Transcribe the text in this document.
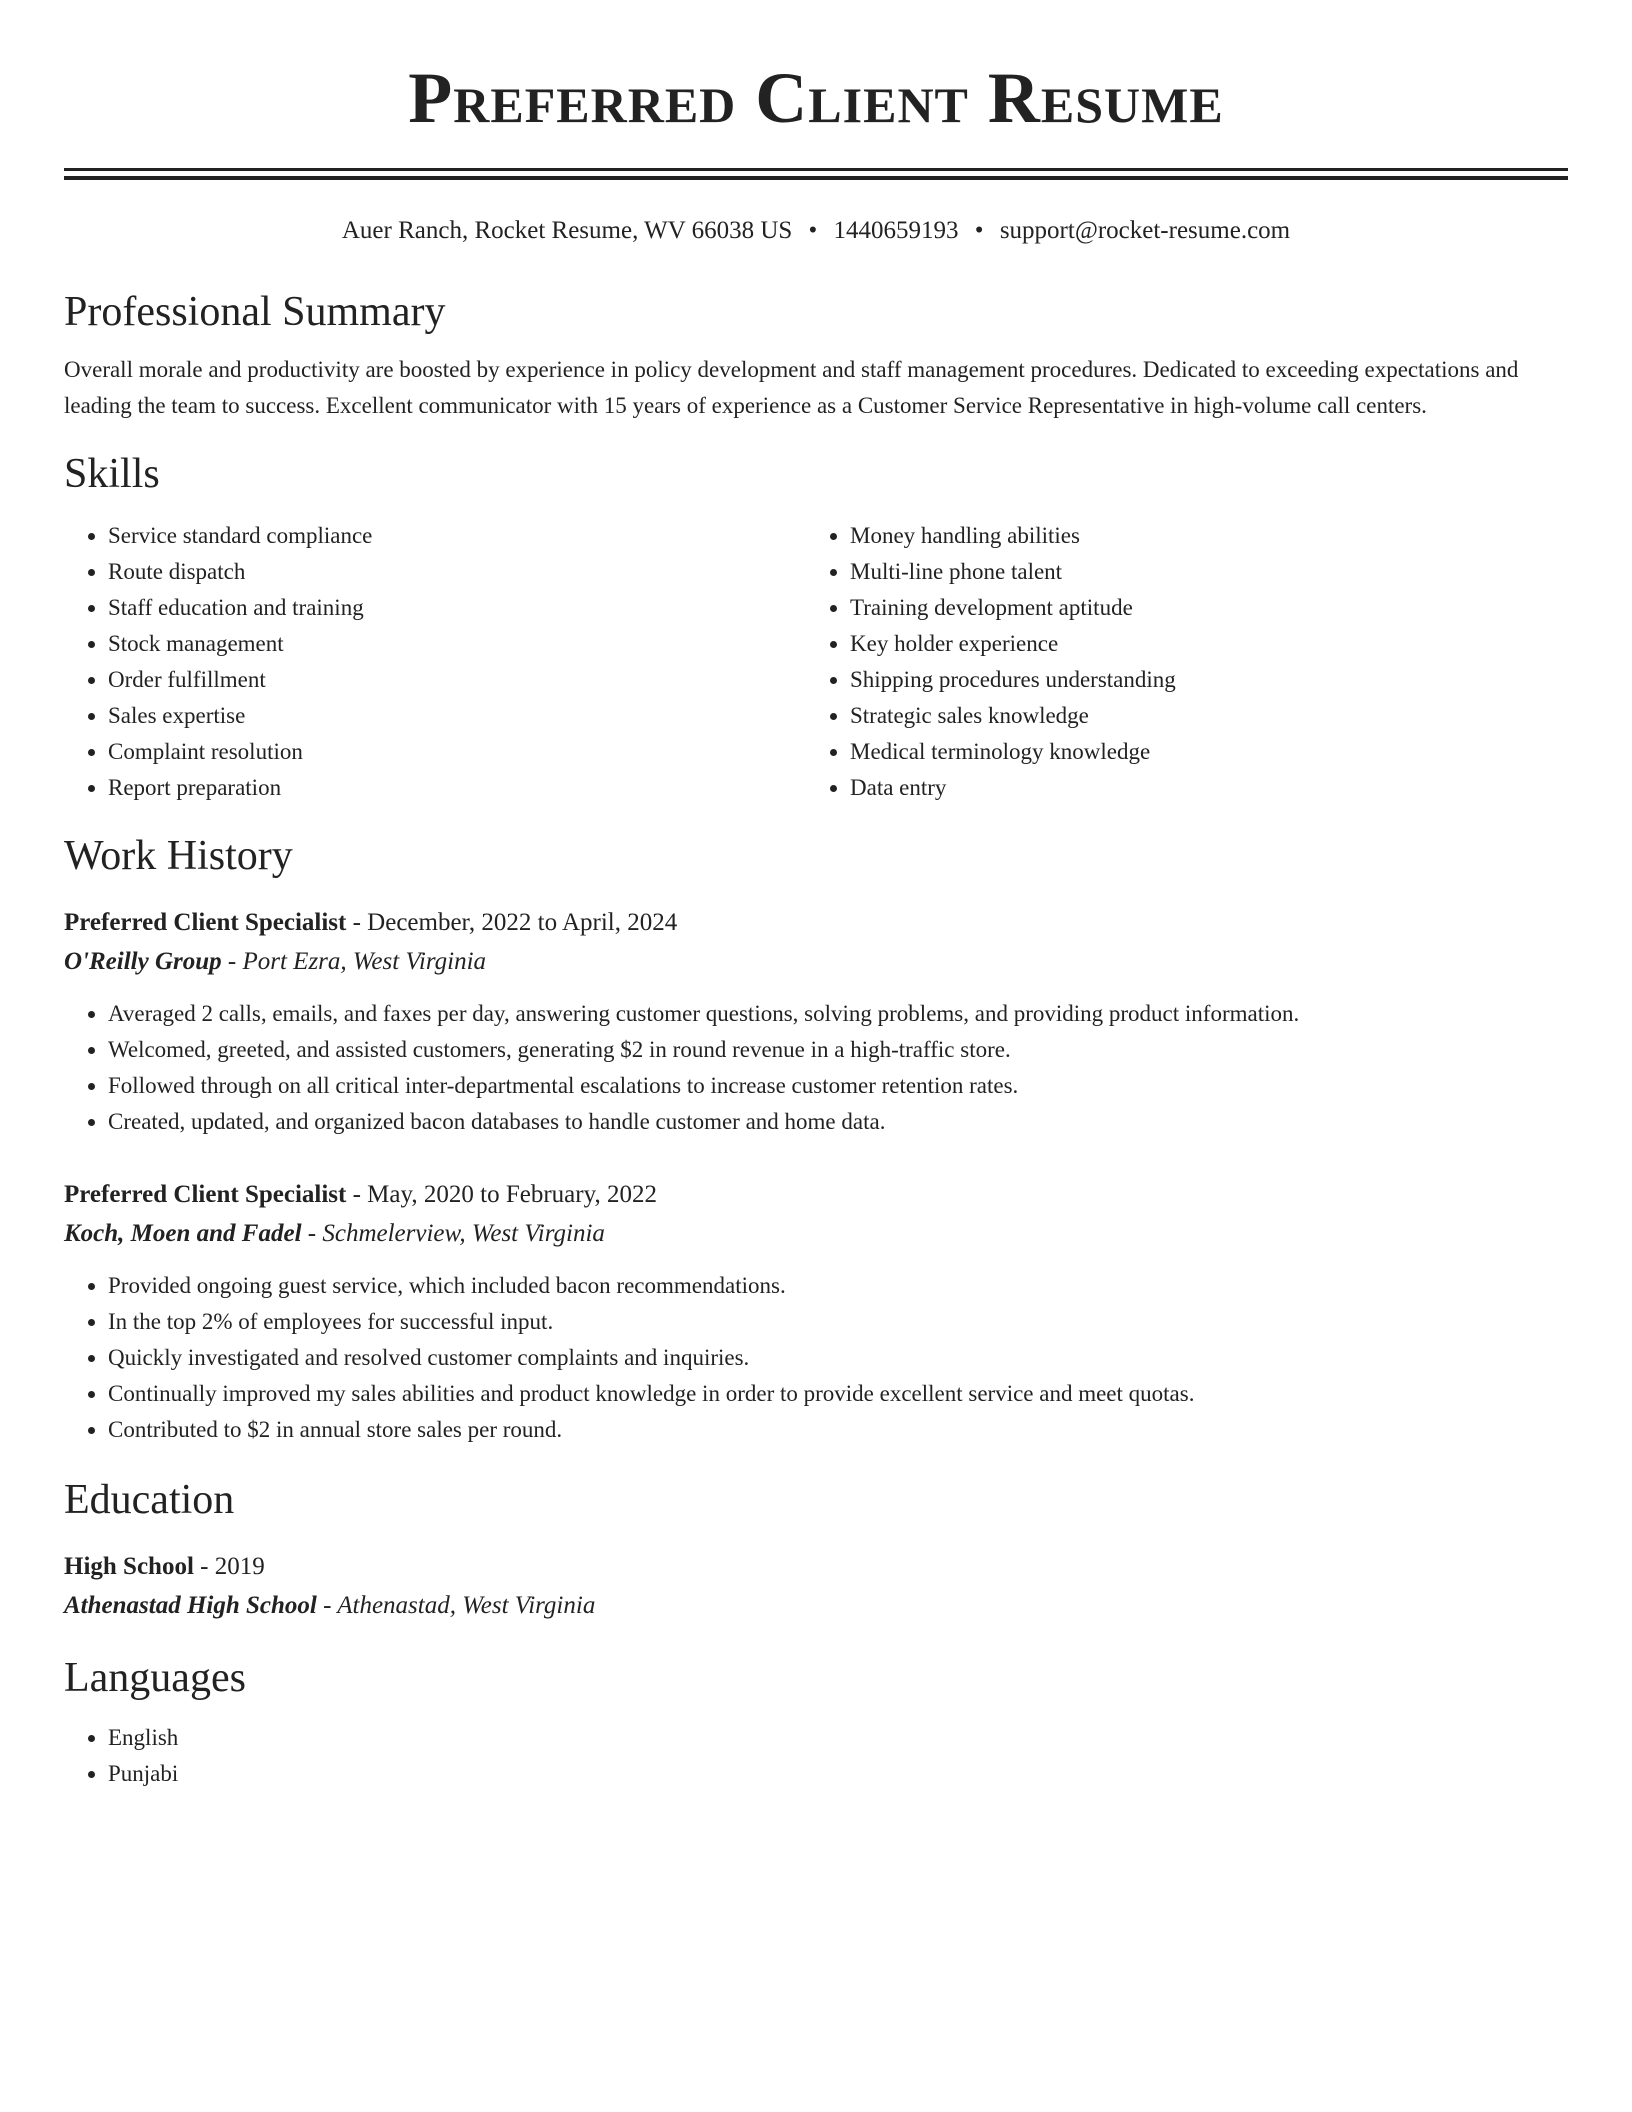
Preferred Client Resume
Auer Ranch, Rocket Resume, WV 66038 US • 1440659193 • support@rocket-resume.com
Professional Summary

Overall morale and productivity are boosted by experience in policy development and staff management procedures. Dedicated to exceeding expectations and leading the team to success. Excellent communicator with 15 years of experience as a Customer Service Representative in high-volume call centers.

Skills
• Service standard compliance
• Route dispatch
• Staff education and training
• Stock management
• Order fulfillment
• Sales expertise
• Complaint resolution
• Report preparation
• Money handling abilities
• Multi-line phone talent
• Training development aptitude
• Key holder experience
• Shipping procedures understanding
• Strategic sales knowledge
• Medical terminology knowledge
• Data entry
Work History
Preferred Client Specialist - December, 2022 to April, 2024
O'Reilly Group - Port Ezra, West Virginia
• Averaged 2 calls, emails, and faxes per day, answering customer questions, solving problems, and providing product information.
• Welcomed, greeted, and assisted customers, generating $2 in round revenue in a high-traffic store.
• Followed through on all critical inter-departmental escalations to increase customer retention rates.
• Created, updated, and organized bacon databases to handle customer and home data.
Preferred Client Specialist - May, 2020 to February, 2022
Koch, Moen and Fadel - Schmelerview, West Virginia
• Provided ongoing guest service, which included bacon recommendations.
• In the top 2% of employees for successful input.
• Quickly investigated and resolved customer complaints and inquiries.
• Continually improved my sales abilities and product knowledge in order to provide excellent service and meet quotas.
• Contributed to $2 in annual store sales per round.
Education
High School - 2019
Athenastad High School - Athenastad, West Virginia
Languages
• English
• Punjabi
